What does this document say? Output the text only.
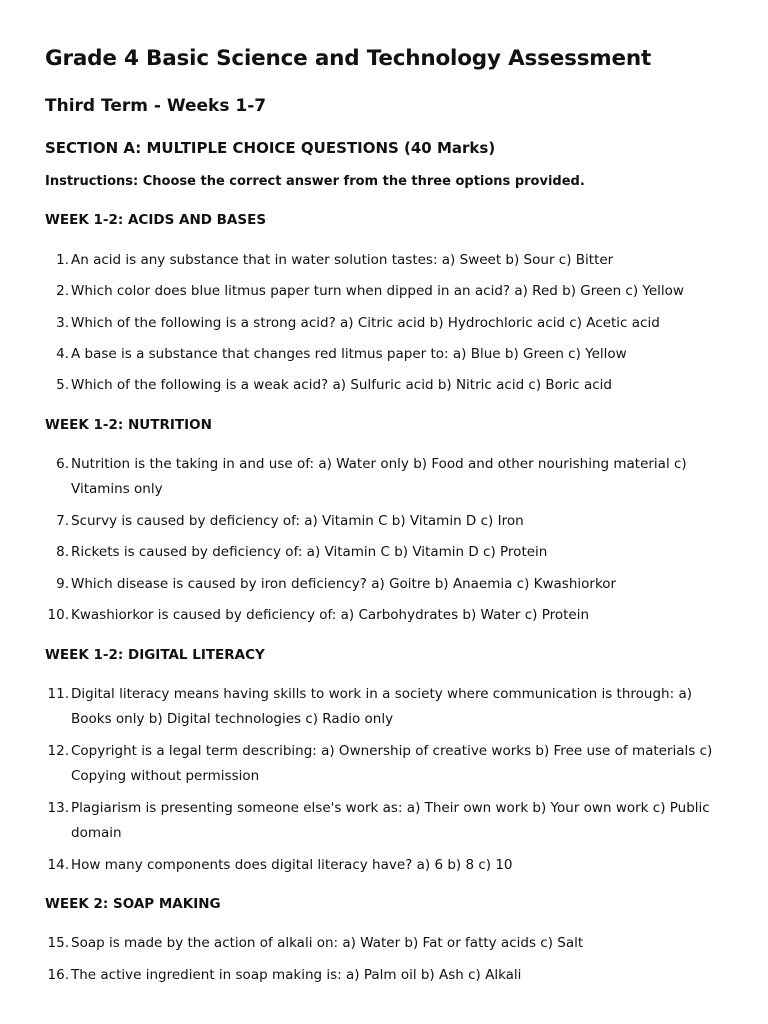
Grade 4 Basic Science and Technology Assessment
Third Term - Weeks 1-7
SECTION A: MULTIPLE CHOICE QUESTIONS (40 Marks)
Instructions: Choose the correct answer from the three options provided.
WEEK 1-2: ACIDS AND BASES
1. An acid is any substance that in water solution tastes: a) Sweet b) Sour c) Bitter
2. Which color does blue litmus paper turn when dipped in an acid? a) Red b) Green c) Yellow
3. Which of the following is a strong acid? a) Citric acid b) Hydrochloric acid c) Acetic acid
4. A base is a substance that changes red litmus paper to: a) Blue b) Green c) Yellow
5. Which of the following is a weak acid? a) Sulfuric acid b) Nitric acid c) Boric acid
WEEK 1-2: NUTRITION
6. Nutrition is the taking in and use of: a) Water only b) Food and other nourishing material c) Vitamins only
7. Scurvy is caused by deficiency of: a) Vitamin C b) Vitamin D c) Iron
8. Rickets is caused by deficiency of: a) Vitamin C b) Vitamin D c) Protein
9. Which disease is caused by iron deficiency? a) Goitre b) Anaemia c) Kwashiorkor
10. Kwashiorkor is caused by deficiency of: a) Carbohydrates b) Water c) Protein
WEEK 1-2: DIGITAL LITERACY
11. Digital literacy means having skills to work in a society where communication is through: a) Books only b) Digital technologies c) Radio only
12. Copyright is a legal term describing: a) Ownership of creative works b) Free use of materials c) Copying without permission
13. Plagiarism is presenting someone else's work as: a) Their own work b) Your own work c) Public domain
14. How many components does digital literacy have? a) 6 b) 8 c) 10
WEEK 2: SOAP MAKING
15. Soap is made by the action of alkali on: a) Water b) Fat or fatty acids c) Salt
16. The active ingredient in soap making is: a) Palm oil b) Ash c) Alkali
